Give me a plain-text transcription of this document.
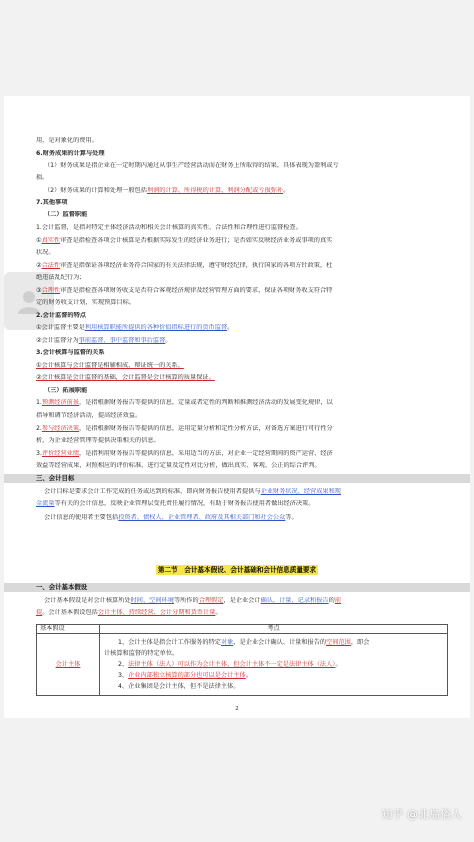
用，是对象化的费用。
6.财务成果的计算与处理
（1）财务成果是指企业在一定时期内通过从事生产经营活动而在财务上所取得的结果，具体表现为盈利或亏
损。
（2）财务成果的计算和处理一般包括利润的计算、所得税的计算、利润分配或亏损弥补。
7.其他事项
（二）监督职能
1.会计监督，是指对特定主体经济活动和相关会计核算的真实性、合法性和合理性进行监督检查。
①真实性审查是指检查各项会计核算是否根据实际发生的经济业务进行；是否如实反映经济业务或事项的真实
状况。
②合法性审查是指保证各项经济业务符合国家的有关法律法规，遵守财经纪律，执行国家的各项方针政策，杜
绝违法乱纪行为；
③合理性审查是指检查各项财务收支是否符合客观经济规律及经营管理方面的要求，保证各项财务收支符合特
定的财务收支计划，实现预算目标。
2.会计监督的特点
①会计监督主要是利用核算职能所提供的各种价值指标进行的货币监督。
②会计监督分为事前监督、事中监督和事后监督。
3.会计核算与监督的关系
①会计核算与会计监督是相辅相成、辩证统一的关系。
②会计核算是会计监督的基础，会计监督是会计核算的质量保证。
（三）拓展职能
1.预测经济前景，是指根据财务报告等提供的信息，定量或者定性的判断和推测经济活动的发展变化规律，以
指导和调节经济活动，提高经济效益。
2.参与经济决策，是指根据财务报告等提供的信息，运用定量分析和定性分析方法，对备选方案进行可行性分
析，为企业经营管理等提供决策相关的信息。
3.评价经营业绩，是指利用财务报告等提供的信息，采用适当的方法，对企业一定经营期间的资产运营、经济
效益等经营成果，对照相应的评价标准，进行定量及定性对比分析，做出真实、客观、公正的综合评判。
三、会计目标
会计目标是要求会计工作完成的任务或达到的标准，即向财务报告使用者提供与企业财务状况、经营成果和现
金流量等有关的会计信息，反映企业管理层受托责任履行情况，有助于财务报告使用者做出经济决策。
会计信息的使用者主要包括投资者、债权人、企业管理者、政府及其相关部门和社会公众等。
第二节　会计基本假设、会计基础和会计信息质量要求
一、会计基本假设
会计基本假设是对会计核算所处时间、空间环境等所作的合理假定，是企业会计确认、计量、记录和报告的前
提。会计基本假设包括会计主体、持续经营、会计分期和货币计量。
基本假设	考点
会计主体	1、会计主体是指会计工作服务的特定对象，是企业会计确认、计量和报告的空间范围，即会
计核算和监督的特定单位。
2、法律主体（法人）可以作为会计主体，但会计主体不一定是法律主体（法人）。
3、企业内部独立核算的部分也可以是会计主体。
4、企业集团是会计主体，但不是法律主体。
2
知乎 @北岛俗人
